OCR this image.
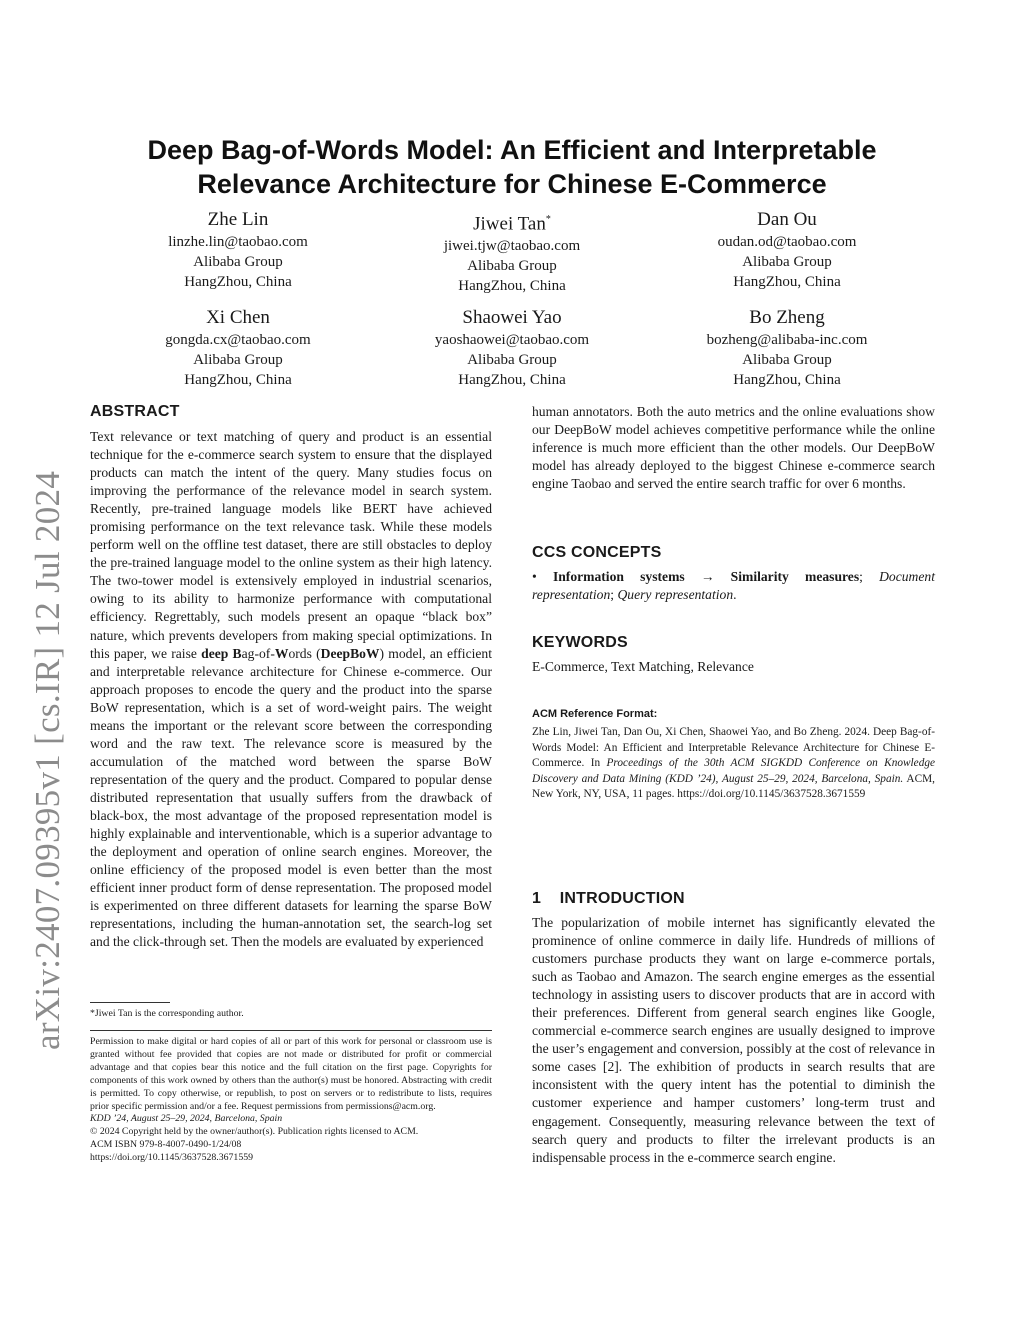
arXiv:2407.09395v1 [cs.IR] 12 Jul 2024
Deep Bag-of-Words Model: An Efficient and Interpretable
Relevance Architecture for Chinese E-Commerce
Zhe Lin
linzhe.lin@taobao.com
Alibaba Group
HangZhou, China
Jiwei Tan*
jiwei.tjw@taobao.com
Alibaba Group
HangZhou, China
Dan Ou
oudan.od@taobao.com
Alibaba Group
HangZhou, China
Xi Chen
gongda.cx@taobao.com
Alibaba Group
HangZhou, China
Shaowei Yao
yaoshaowei@taobao.com
Alibaba Group
HangZhou, China
Bo Zheng
bozheng@alibaba-inc.com
Alibaba Group
HangZhou, China
ABSTRACT
Text relevance or text matching of query and product is an essential technique for the e-commerce search system to ensure that the displayed products can match the intent of the query. Many studies focus on improving the performance of the relevance model in search system. Recently, pre-trained language models like BERT have achieved promising performance on the text relevance task. While these models perform well on the offline test dataset, there are still obstacles to deploy the pre-trained language model to the online system as their high latency. The two-tower model is extensively employed in industrial scenarios, owing to its ability to harmonize performance with computational efficiency. Regrettably, such models present an opaque “black box” nature, which prevents developers from making special optimizations. In this paper, we raise deep Bag-of-Words (DeepBoW) model, an efficient and interpretable relevance architecture for Chinese e-commerce. Our approach proposes to encode the query and the product into the sparse BoW representation, which is a set of word-weight pairs. The weight means the important or the relevant score between the corresponding word and the raw text. The relevance score is measured by the accumulation of the matched word between the sparse BoW representation of the query and the product. Compared to popular dense distributed representation that usually suffers from the drawback of black-box, the most advantage of the proposed representation model is highly explainable and interventionable, which is a superior advantage to the deployment and operation of online search engines. Moreover, the online efficiency of the proposed model is even better than the most efficient inner product form of dense representation. The proposed model is experimented on three different datasets for learning the sparse BoW representations, including the human-annotation set, the search-log set and the click-through set. Then the models are evaluated by experienced
*Jiwei Tan is the corresponding author.
Permission to make digital or hard copies of all or part of this work for personal or classroom use is granted without fee provided that copies are not made or distributed for profit or commercial advantage and that copies bear this notice and the full citation on the first page. Copyrights for components of this work owned by others than the author(s) must be honored. Abstracting with credit is permitted. To copy otherwise, or republish, to post on servers or to redistribute to lists, requires prior specific permission and/or a fee. Request permissions from permissions@acm.org.
KDD ’24, August 25–29, 2024, Barcelona, Spain
© 2024 Copyright held by the owner/author(s). Publication rights licensed to ACM.
ACM ISBN 979-8-4007-0490-1/24/08
https://doi.org/10.1145/3637528.3671559
human annotators. Both the auto metrics and the online evaluations show our DeepBoW model achieves competitive performance while the online inference is much more efficient than the other models. Our DeepBoW model has already deployed to the biggest Chinese e-commerce search engine Taobao and served the entire search traffic for over 6 months.
CCS CONCEPTS
• Information systems → Similarity measures; Document representation; Query representation.
KEYWORDS
E-Commerce, Text Matching, Relevance
ACM Reference Format:
Zhe Lin, Jiwei Tan, Dan Ou, Xi Chen, Shaowei Yao, and Bo Zheng. 2024. Deep Bag-of-Words Model: An Efficient and Interpretable Relevance Architecture for Chinese E-Commerce. In Proceedings of the 30th ACM SIGKDD Conference on Knowledge Discovery and Data Mining (KDD ’24), August 25–29, 2024, Barcelona, Spain. ACM, New York, NY, USA, 11 pages. https://doi.org/10.1145/3637528.3671559
1 INTRODUCTION
The popularization of mobile internet has significantly elevated the prominence of online commerce in daily life. Hundreds of millions of customers purchase products they want on large e-commerce portals, such as Taobao and Amazon. The search engine emerges as the essential technology in assisting users to discover products that are in accord with their preferences. Different from general search engines like Google, commercial e-commerce search engines are usually designed to improve the user’s engagement and conversion, possibly at the cost of relevance in some cases [2]. The exhibition of products in search results that are inconsistent with the query intent has the potential to diminish the customer experience and hamper customers’ long-term trust and engagement. Consequently, measuring relevance between the text of search query and products to filter the irrelevant products is an indispensable process in the e-commerce search engine.
